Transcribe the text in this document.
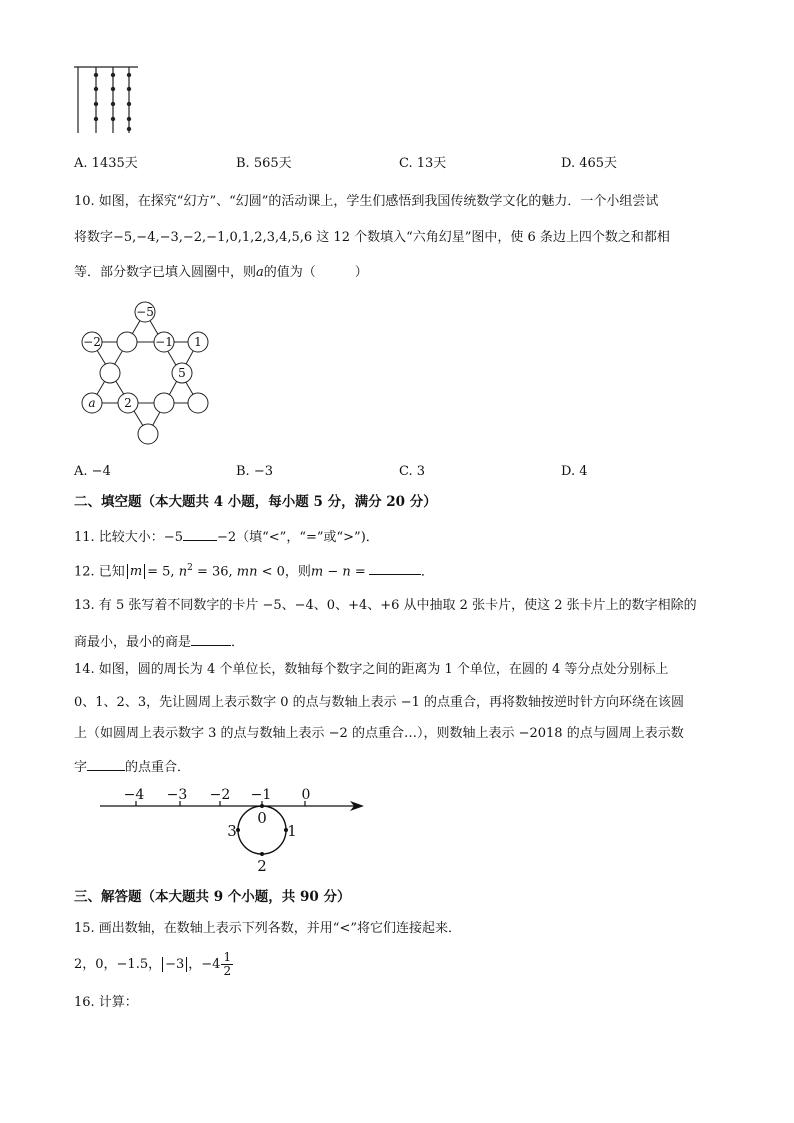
A. 1435天	B. 565天	C. 13天	D. 465天
10. 如图，在探究“幻方”、“幻圆”的活动课上，学生们感悟到我国传统数学文化的魅力．一个小组尝试
将数字−5,−4,−3,−2,−1,0,1,2,3,4,5,6 这 12 个数填入“六角幻星”图中，使 6 条边上四个数之和都相
等．部分数字已填入圆圈中，则a的值为（　　　）
−5
−2	−1 1
5
a 2
A. −4	B. −3	C. 3	D. 4
二、填空题（本大题共 4 小题，每小题 5 分，满分 20 分）
11. 比较大小：−5	−2（填“<”，“=”或“>”)．
12. 已知 m = 5, $n^2 = 36$, mn < 0，则m − n =	．
13. 有 5 张写着不同数字的卡片 −5、−4、0、+4、+6 从中抽取 2 张卡片，使这 2 张卡片上的数字相除的
商最小，最小的商是	．
14. 如图，圆的周长为 4 个单位长，数轴每个数字之间的距离为 1 个单位，在圆的 4 等分点处分别标上
0、1、2、3，先让圆周上表示数字 0 的点与数轴上表示 −1 的点重合，再将数轴按逆时针方向环绕在该圆
上（如圆周上表示数字 3 的点与数轴上表示 −2 的点重合…），则数轴上表示 −2018 的点与圆周上表示数
字	的点重合．
−4 −3 −2 −1 0
0
1
2
3
三、解答题（本大题共 9 个小题，共 90 分）
15. 画出数轴，在数轴上表示下列各数，并用“<”将它们连接起来．
2，0，−1.5， −3 ，$-4 \frac{1}{2}$
16. 计算：
